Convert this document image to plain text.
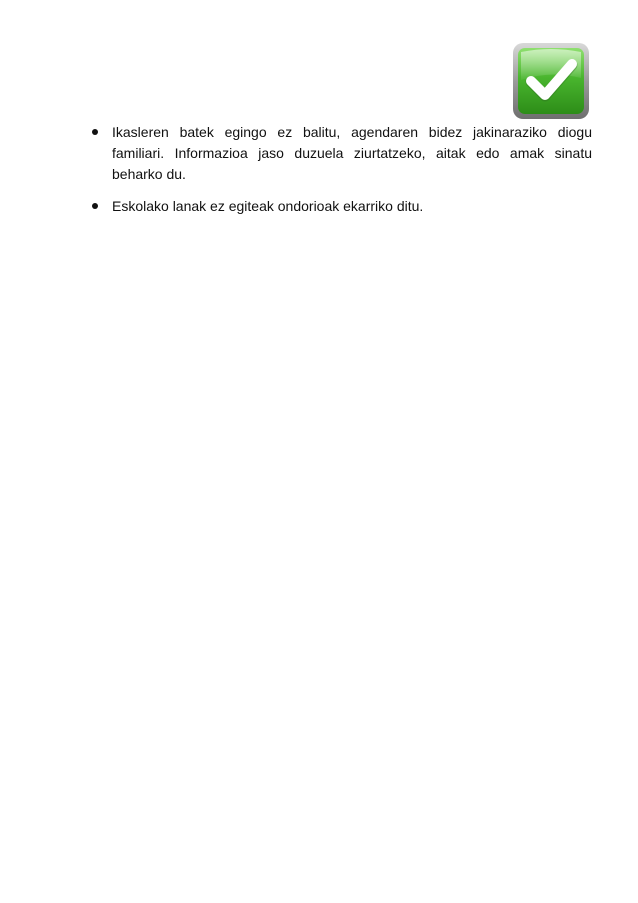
Ikasleren batek egingo ez balitu, agendaren bidez jakinaraziko diogu familiari. Informazioa jaso duzuela ziurtatzeko, aitak edo amak sinatu beharko du.
Eskolako lanak ez egiteak ondorioak ekarriko ditu.
